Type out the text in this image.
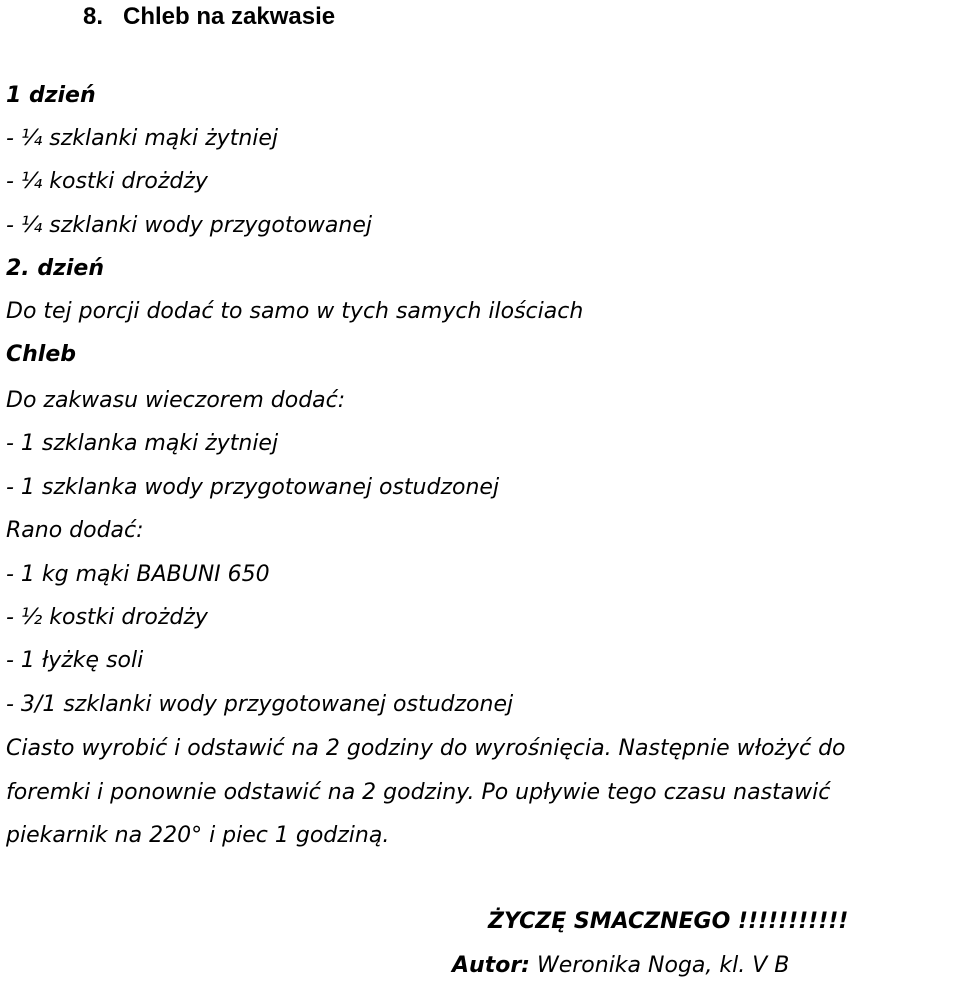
8. Chleb na zakwasie
1 dzień
- ¼ szklanki mąki żytniej
- ¼ kostki drożdży
- ¼ szklanki wody przygotowanej
2. dzień
Do tej porcji dodać to samo w tych samych ilościach
Chleb
Do zakwasu wieczorem dodać:
- 1 szklanka mąki żytniej
- 1 szklanka wody przygotowanej ostudzonej
Rano dodać:
- 1 kg mąki BABUNI 650
- ½ kostki drożdży
- 1 łyżkę soli
- 3/1 szklanki wody przygotowanej ostudzonej
Ciasto wyrobić i odstawić na 2 godziny do wyrośnięcia. Następnie włożyć do
foremki i ponownie odstawić na 2 godziny. Po upływie tego czasu nastawić
piekarnik na 220° i piec 1 godziną.
ŻYCZĘ SMACZNEGO !!!!!!!!!!!
Autor: Weronika Noga, kl. V B
